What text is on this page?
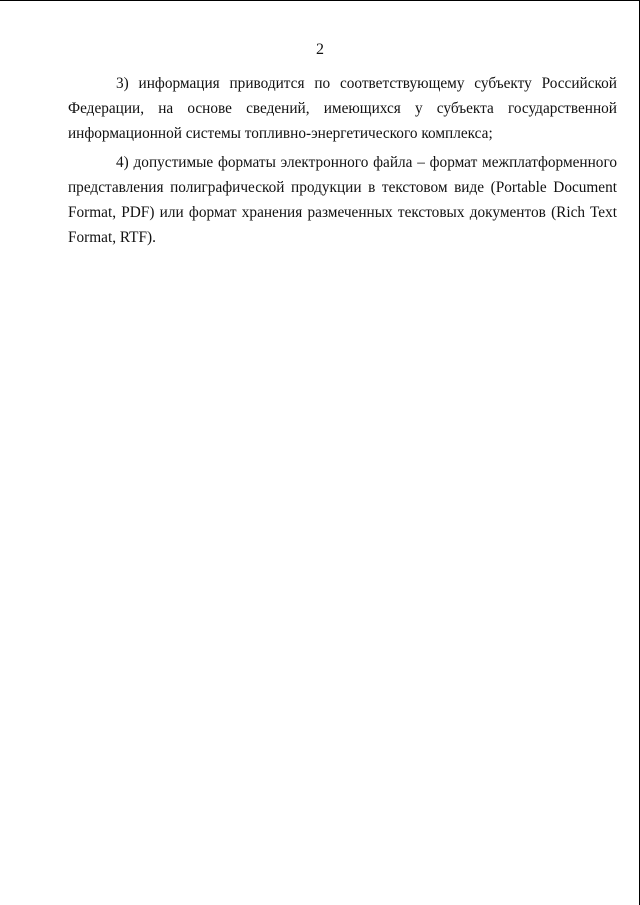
2

3) информация приводится по соответствующему субъекту Российской Федерации, на основе сведений, имеющихся у субъекта государственной информационной системы топливно-энергетического комплекса;

4) допустимые форматы электронного файла – формат межплатформенного представления полиграфической продукции в текстовом виде (Portable Document Format, PDF) или формат хранения размеченных текстовых документов (Rich Text Format, RTF).
